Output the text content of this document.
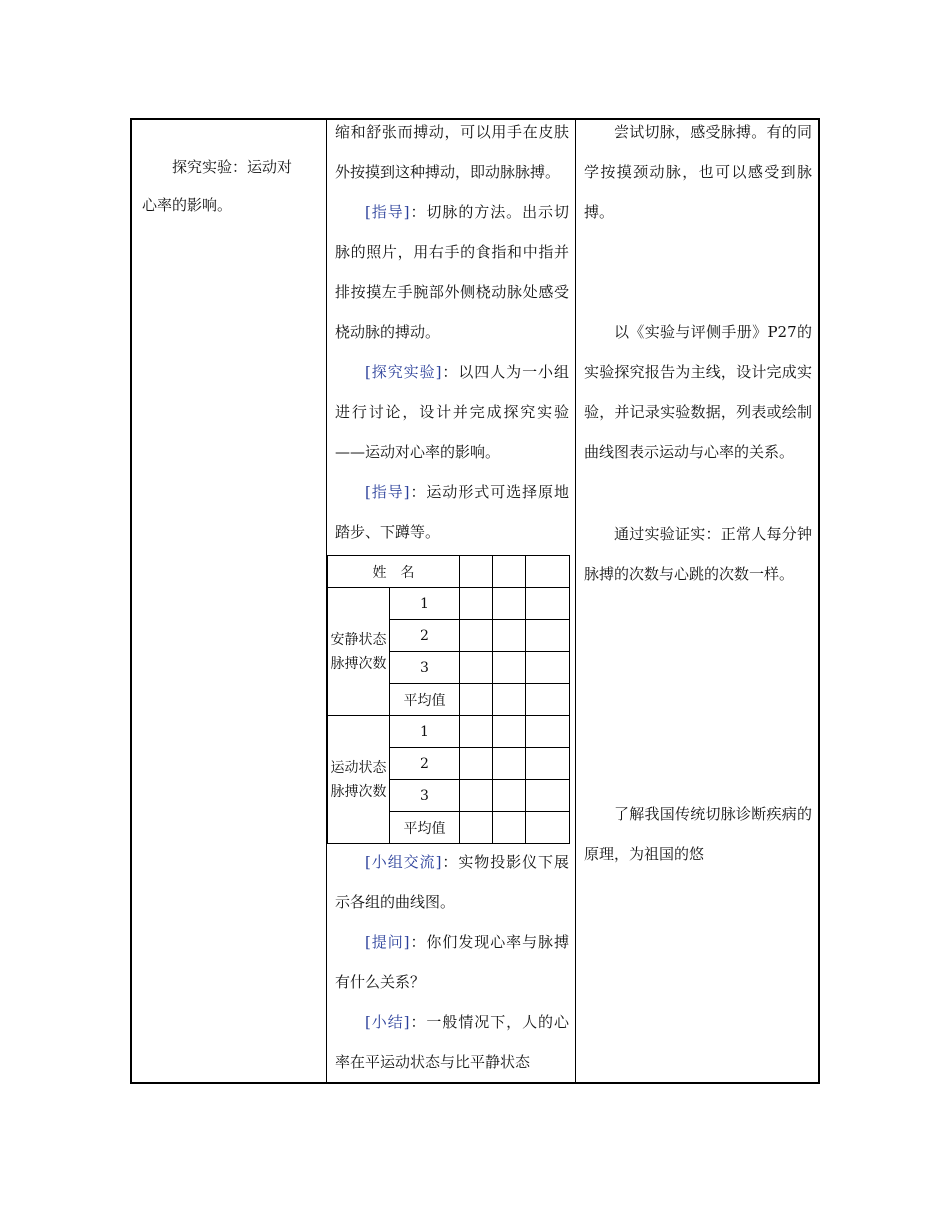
探究实验：运动对

心率的影响。

缩和舒张而搏动，可以用手在皮肤外按摸到这种搏动，即动脉脉搏。

[指导]：切脉的方法。出示切脉的照片，用右手的食指和中指并排按摸左手腕部外侧桡动脉处感受桡动脉的搏动。

[探究实验]：以四人为一小组进行讨论，设计并完成探究实验——运动对心率的影响。

[指导]：运动形式可选择原地踏步、下蹲等。

姓　名				
安静状态脉搏次数	1			
	2			
	3			
	平均值			
运动状态脉搏次数	1			
	2			
	3			
	平均值			

[小组交流]：实物投影仪下展示各组的曲线图。

[提问]：你们发现心率与脉搏有什么关系？

[小结]：一般情况下，人的心率在平运动状态与比平静状态

尝试切脉，感受脉搏。有的同学按摸颈动脉，也可以感受到脉搏。

以《实验与评侧手册》P27的实验探究报告为主线，设计完成实验，并记录实验数据，列表或绘制曲线图表示运动与心率的关系。

通过实验证实：正常人每分钟脉搏的次数与心跳的次数一样。

了解我国传统切脉诊断疾病的原理，为祖国的悠
